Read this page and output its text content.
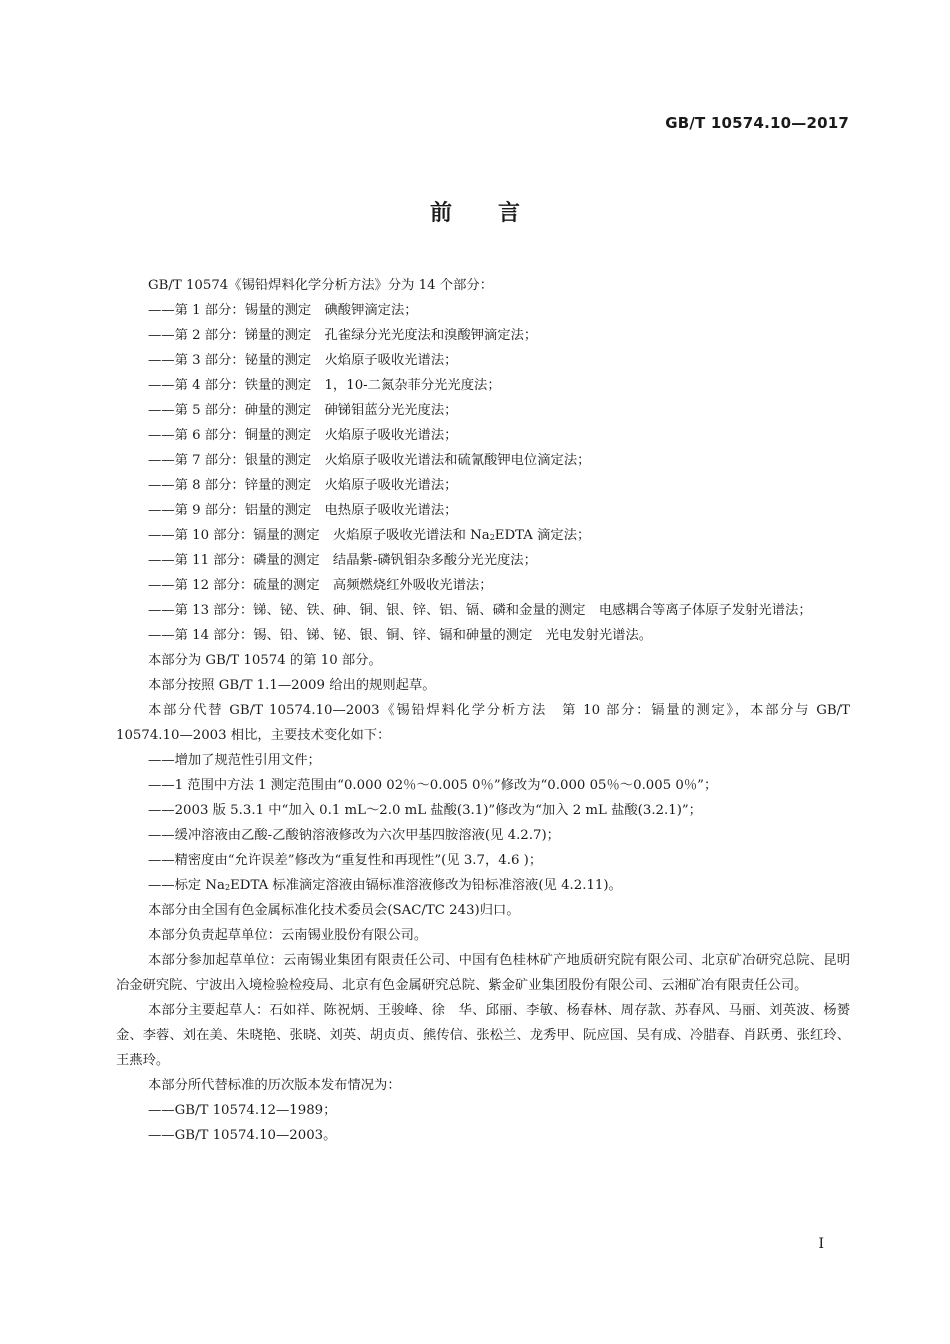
GB/T 10574.10—2017
前言

GB/T 10574《锡铅焊料化学分析方法》分为 14 个部分：

——第 1 部分：锡量的测定　碘酸钾滴定法；

——第 2 部分：锑量的测定　孔雀绿分光光度法和溴酸钾滴定法；

——第 3 部分：铋量的测定　火焰原子吸收光谱法；

——第 4 部分：铁量的测定　1，10-二氮杂菲分光光度法；

——第 5 部分：砷量的测定　砷锑钼蓝分光光度法；

——第 6 部分：铜量的测定　火焰原子吸收光谱法；

——第 7 部分：银量的测定　火焰原子吸收光谱法和硫氰酸钾电位滴定法；

——第 8 部分：锌量的测定　火焰原子吸收光谱法；

——第 9 部分：铝量的测定　电热原子吸收光谱法；

——第 10 部分：镉量的测定　火焰原子吸收光谱法和 $Na_2EDTA$ 滴定法；

——第 11 部分：磷量的测定　结晶紫-磷钒钼杂多酸分光光度法；

——第 12 部分：硫量的测定　高频燃烧红外吸收光谱法；

——第 13 部分：锑、铋、铁、砷、铜、银、锌、铝、镉、磷和金量的测定　电感耦合等离子体原子发射光谱法；

——第 14 部分：锡、铅、锑、铋、银、铜、锌、镉和砷量的测定　光电发射光谱法。

本部分为 GB/T 10574 的第 10 部分。

本部分按照 GB/T 1.1—2009 给出的规则起草。

本部分代替 GB/T 10574.10—2003《锡铅焊料化学分析方法　第 10 部分：镉量的测定》，本部分与 GB/T 10574.10—2003 相比，主要技术变化如下：

——增加了规范性引用文件；

——1 范围中方法 1 测定范围由“0.000 02％～0.005 0％”修改为“0.000 05％～0.005 0％”；

——2003 版 5.3.1 中“加入 0.1 mL～2.0 mL 盐酸(3.1)”修改为“加入 2 mL 盐酸(3.2.1)”；

——缓冲溶液由乙酸-乙酸钠溶液修改为六次甲基四胺溶液(见 4.2.7)；

——精密度由“允许误差”修改为“重复性和再现性”(见 3.7，4.6 )；

——标定 $Na_2EDTA$ 标准滴定溶液由镉标准溶液修改为铅标准溶液(见 4.2.11)。

本部分由全国有色金属标准化技术委员会(SAC/TC 243)归口。

本部分负责起草单位：云南锡业股份有限公司。

本部分参加起草单位：云南锡业集团有限责任公司、中国有色桂林矿产地质研究院有限公司、北京矿冶研究总院、昆明冶金研究院、宁波出入境检验检疫局、北京有色金属研究总院、紫金矿业集团股份有限公司、云湘矿冶有限责任公司。

本部分主要起草人：石如祥、陈祝炳、王骏峰、徐　华、邱丽、李敏、杨春林、周存款、苏春风、马丽、刘英波、杨赟金、李蓉、刘在美、朱晓艳、张晓、刘英、胡贞贞、熊传信、张松兰、龙秀甲、阮应国、吴有成、冷腊春、肖跃勇、张红玲、王燕玲。

本部分所代替标准的历次版本发布情况为：

——GB/T 10574.12—1989；

——GB/T 10574.10—2003。

I
